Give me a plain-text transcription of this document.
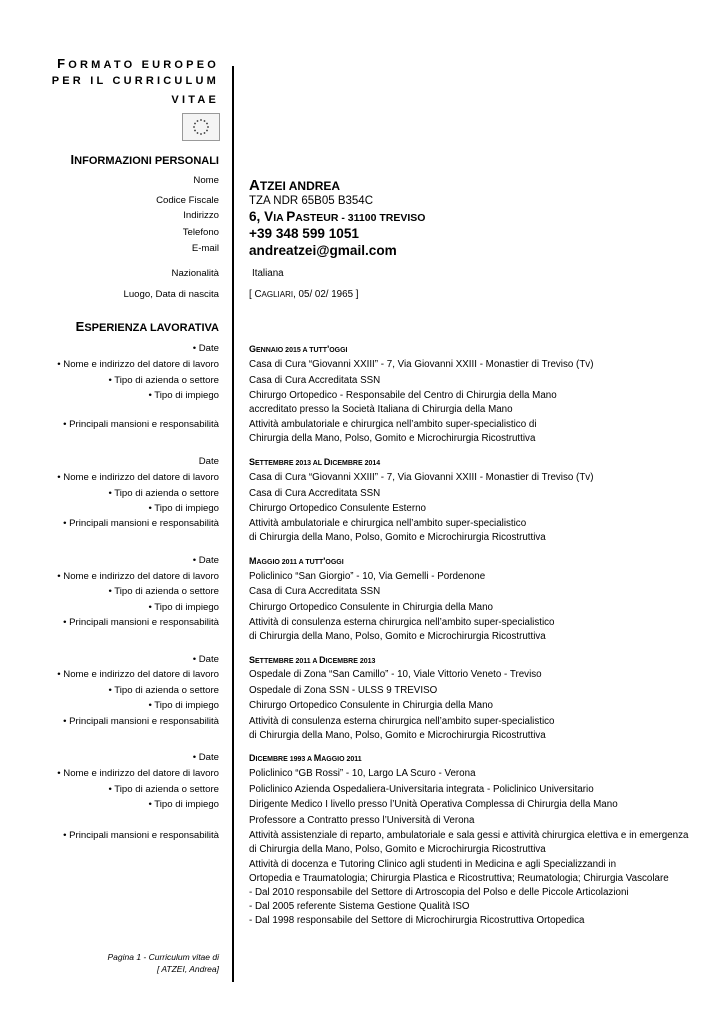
FORMATO EUROPEO
PER IL CURRICULUM
VITAE
INFORMAZIONI PERSONALI
Nome ATZEI ANDREA
Codice Fiscale	TZA NDR 65B05 B354C
Indirizzo 6, VIA PASTEUR - 31100 TREVISO
Telefono +39 348 599 1051
E-mail andreatzei@gmail.com
Nazionalità	Italiana
Luogo, Data di nascita	[ CAGLIARI, 05/ 02/ 1965 ]
ESPERIENZA LAVORATIVA
• Date	GENNAIO 2015 A TUTT'OGGI
• Nome e indirizzo del datore di lavoro	Casa di Cura “Giovanni XXIII” - 7, Via Giovanni XXIII - Monastier di Treviso (Tv)
• Tipo di azienda o settore	Casa di Cura Accreditata SSN
• Tipo di impiego	Chirurgo Ortopedico - Responsabile del Centro di Chirurgia della Mano
accreditato presso la Società Italiana di Chirurgia della Mano
• Principali mansioni e responsabilità	Attività ambulatoriale e chirurgica nell’ambito super-specialistico di
Chirurgia della Mano, Polso, Gomito e Microchirurgia Ricostruttiva
Date	SETTEMBRE 2013 AL DICEMBRE 2014
• Nome e indirizzo del datore di lavoro	Casa di Cura “Giovanni XXIII” - 7, Via Giovanni XXIII - Monastier di Treviso (Tv)
• Tipo di azienda o settore	Casa di Cura Accreditata SSN
• Tipo di impiego	Chirurgo Ortopedico Consulente Esterno
• Principali mansioni e responsabilità	Attività ambulatoriale e chirurgica nell’ambito super-specialistico
di Chirurgia della Mano, Polso, Gomito e Microchirurgia Ricostruttiva
• Date	MAGGIO 2011 A TUTT'OGGI
• Nome e indirizzo del datore di lavoro	Policlinico “San Giorgio” - 10, Via Gemelli - Pordenone
• Tipo di azienda o settore	Casa di Cura Accreditata SSN
• Tipo di impiego	Chirurgo Ortopedico Consulente in Chirurgia della Mano
• Principali mansioni e responsabilità	Attività di consulenza esterna chirurgica nell’ambito super-specialistico
di Chirurgia della Mano, Polso, Gomito e Microchirurgia Ricostruttiva
• Date	SETTEMBRE 2011 A DICEMBRE 2013
• Nome e indirizzo del datore di lavoro	Ospedale di Zona “San Camillo” - 10, Viale Vittorio Veneto - Treviso
• Tipo di azienda o settore	Ospedale di Zona SSN - ULSS 9 TREVISO
• Tipo di impiego	Chirurgo Ortopedico Consulente in Chirurgia della Mano
• Principali mansioni e responsabilità	Attività di consulenza esterna chirurgica nell’ambito super-specialistico
di Chirurgia della Mano, Polso, Gomito e Microchirurgia Ricostruttiva
• Date	DICEMBRE 1993 A MAGGIO 2011
• Nome e indirizzo del datore di lavoro	Policlinico “GB Rossi” - 10, Largo LA Scuro - Verona
• Tipo di azienda o settore	Policlinico Azienda Ospedaliera-Universitaria integrata - Policlinico Universitario
• Tipo di impiego	Dirigente Medico I livello presso l’Unità Operativa Complessa di Chirurgia della Mano
Professore a Contratto presso l’Università di Verona
• Principali mansioni e responsabilità	Attività assistenziale di reparto, ambulatoriale e sala gessi e attività chirurgica elettiva e in emergenza
di Chirurgia della Mano, Polso, Gomito e Microchirurgia Ricostruttiva
Attività di docenza e Tutoring Clinico agli studenti in Medicina e agli Specializzandi in
Ortopedia e Traumatologia; Chirurgia Plastica e Ricostruttiva; Reumatologia; Chirurgia Vascolare
- Dal 2010 responsabile del Settore di Artroscopia del Polso e delle Piccole Articolazioni
- Dal 2005 referente Sistema Gestione Qualità ISO
- Dal 1998 responsabile del Settore di Microchirurgia Ricostruttiva Ortopedica
Pagina 1 - Curriculum vitae di
[ ATZEI, Andrea]
